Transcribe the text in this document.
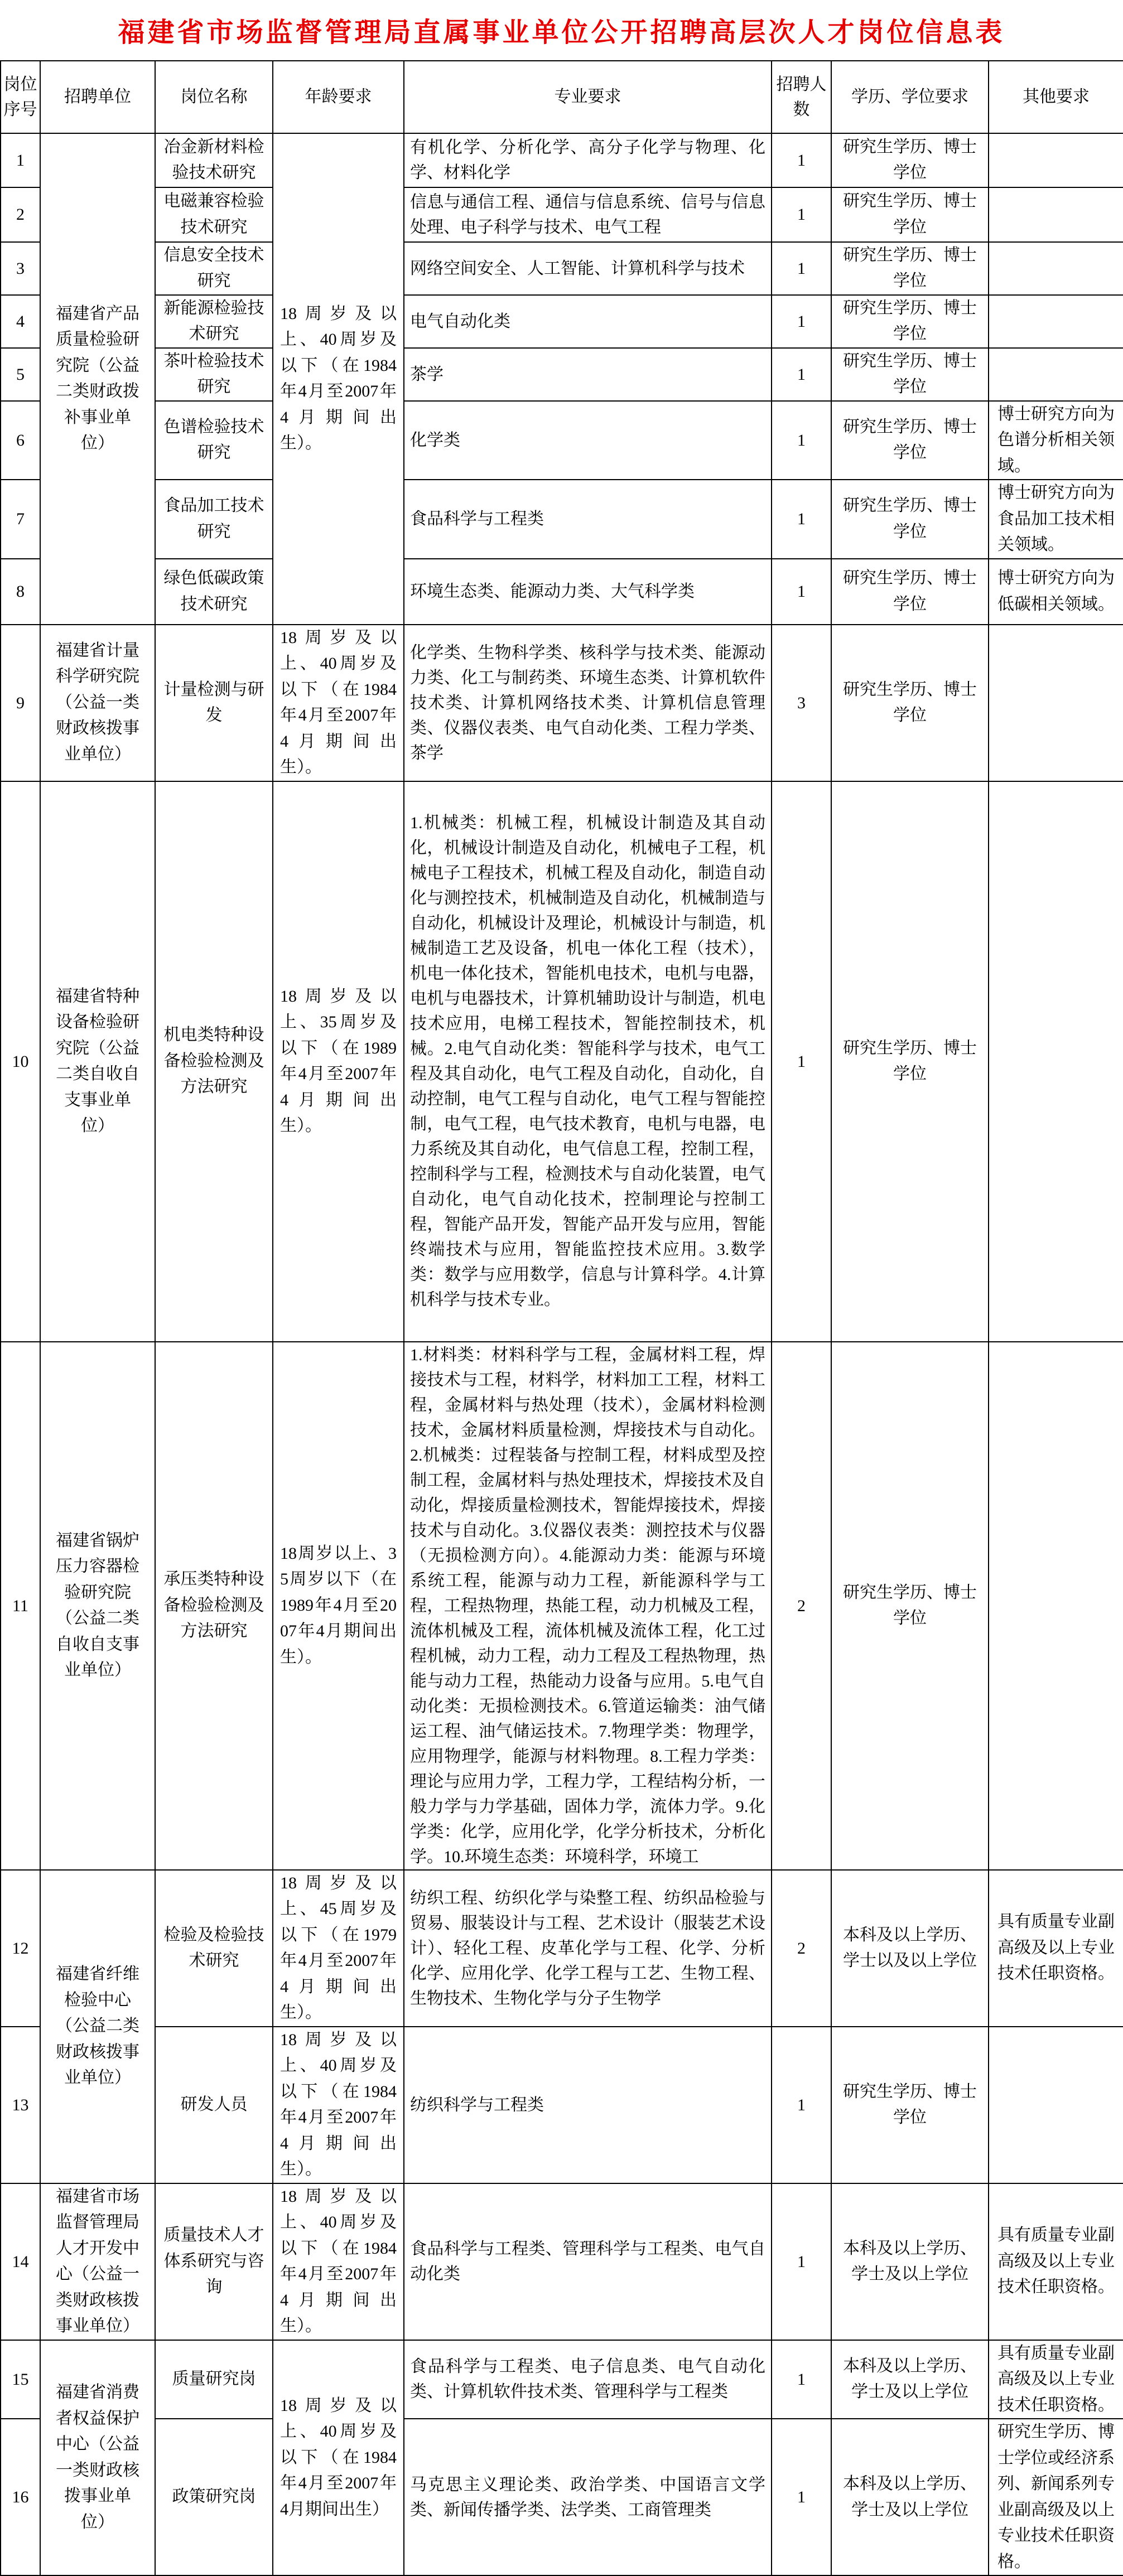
福建省市场监督管理局直属事业单位公开招聘高层次人才岗位信息表
岗位序号	招聘单位	岗位名称	年龄要求	专业要求	招聘人数	学历、学位要求	其他要求
1	福建省产品质量检验研究院（公益二类财政拨补事业单位）	冶金新材料检验技术研究	18周岁及以上、40周岁及以下（在1984年4月至2007年4月期间出生）。	有机化学、分析化学、高分子化学与物理、化学、材料化学	1	研究生学历、博士学位	
2		电磁兼容检验技术研究		信息与通信工程、通信与信息系统、信号与信息处理、电子科学与技术、电气工程	1	研究生学历、博士学位	
3		信息安全技术研究		网络空间安全、人工智能、计算机科学与技术	1	研究生学历、博士学位	
4		新能源检验技术研究		电气自动化类	1	研究生学历、博士学位	
5		茶叶检验技术研究		茶学	1	研究生学历、博士学位	
6		色谱检验技术研究		化学类	1	研究生学历、博士学位	博士研究方向为色谱分析相关领域。
7		食品加工技术研究		食品科学与工程类	1	研究生学历、博士学位	博士研究方向为食品加工技术相关领域。
8		绿色低碳政策技术研究		环境生态类、能源动力类、大气科学类	1	研究生学历、博士学位	博士研究方向为低碳相关领域。
9	福建省计量科学研究院（公益一类财政核拨事业单位）	计量检测与研发	18周岁及以上、40周岁及以下（在1984年4月至2007年4月期间出生）。	化学类、生物科学类、核科学与技术类、能源动力类、化工与制药类、环境生态类、计算机软件技术类、计算机网络技术类、计算机信息管理类、仪器仪表类、电气自动化类、工程力学类、茶学	3	研究生学历、博士学位	
10	福建省特种设备检验研究院（公益二类自收自支事业单位）	机电类特种设备检验检测及方法研究	18周岁及以上、35周岁及以下（在1989年4月至2007年4月期间出生）。	1.机械类：机械工程，机械设计制造及其自动化，机械设计制造及自动化，机械电子工程，机械电子工程技术，机械工程及自动化，制造自动化与测控技术，机械制造及自动化，机械制造与自动化，机械设计及理论，机械设计与制造，机械制造工艺及设备，机电一体化工程（技术），机电一体化技术，智能机电技术，电机与电器，电机与电器技术，计算机辅助设计与制造，机电技术应用，电梯工程技术，智能控制技术，机械。2.电气自动化类：智能科学与技术，电气工程及其自动化，电气工程及自动化，自动化，自动控制，电气工程与自动化，电气工程与智能控制，电气工程，电气技术教育，电机与电器，电力系统及其自动化，电气信息工程，控制工程，控制科学与工程，检测技术与自动化装置，电气自动化，电气自动化技术，控制理论与控制工程，智能产品开发，智能产品开发与应用，智能终端技术与应用，智能监控技术应用。3.数学类：数学与应用数学，信息与计算科学。4.计算机科学与技术专业。	1	研究生学历、博士学位	
11	福建省锅炉压力容器检验研究院（公益二类自收自支事业单位）	承压类特种设备检验检测及方法研究	18周岁以上、35周岁以下（在1989年4月至2007年4月期间出生）。	1.材料类：材料科学与工程，金属材料工程，焊接技术与工程，材料学，材料加工工程，材料工程，金属材料与热处理（技术），金属材料检测技术，金属材料质量检测，焊接技术与自动化。2.机械类：过程装备与控制工程，材料成型及控制工程，金属材料与热处理技术，焊接技术及自动化，焊接质量检测技术，智能焊接技术，焊接技术与自动化。3.仪器仪表类：测控技术与仪器（无损检测方向）。4.能源动力类：能源与环境系统工程，能源与动力工程，新能源科学与工程，工程热物理，热能工程，动力机械及工程，流体机械及工程，流体机械及流体工程，化工过程机械，动力工程，动力工程及工程热物理，热能与动力工程，热能动力设备与应用。5.电气自动化类：无损检测技术。6.管道运输类：油气储运工程、油气储运技术。7.物理学类：物理学，应用物理学，能源与材料物理。8.工程力学类：理论与应用力学，工程力学，工程结构分析，一般力学与力学基础，固体力学，流体力学。9.化学类：化学，应用化学，化学分析技术，分析化学。10.环境生态类：环境科学，环境工	2	研究生学历、博士学位	
12	福建省纤维检验中心（公益二类财政核拨事业单位）	检验及检验技术研究	18周岁及以上、45周岁及以下（在1979年4月至2007年4月期间出生）。	纺织工程、纺织化学与染整工程、纺织品检验与贸易、服装设计与工程、艺术设计（服装艺术设计）、轻化工程、皮革化学与工程、化学、分析化学、应用化学、化学工程与工艺、生物工程、生物技术、生物化学与分子生物学	2	本科及以上学历、学士以及以上学位	具有质量专业副高级及以上专业技术任职资格。
13		研发人员	18周岁及以上、40周岁及以下（在1984年4月至2007年4月期间出生）。	纺织科学与工程类	1	研究生学历、博士学位	
14	福建省市场监督管理局人才开发中心（公益一类财政核拨事业单位）	质量技术人才体系研究与咨询	18周岁及以上、40周岁及以下（在1984年4月至2007年4月期间出生）。	食品科学与工程类、管理科学与工程类、电气自动化类	1	本科及以上学历、学士及以上学位	具有质量专业副高级及以上专业技术任职资格。
15	福建省消费者权益保护中心（公益一类财政核拨事业单位）	质量研究岗	18周岁及以上、40周岁及以下（在1984年4月至2007年4月期间出生）	食品科学与工程类、电子信息类、电气自动化类、计算机软件技术类、管理科学与工程类	1	本科及以上学历、学士及以上学位	具有质量专业副高级及以上专业技术任职资格。
16		政策研究岗		马克思主义理论类、政治学类、中国语言文学类、新闻传播学类、法学类、工商管理类	1	本科及以上学历、学士及以上学位	研究生学历、博士学位或经济系列、新闻系列专业副高级及以上专业技术任职资格。
